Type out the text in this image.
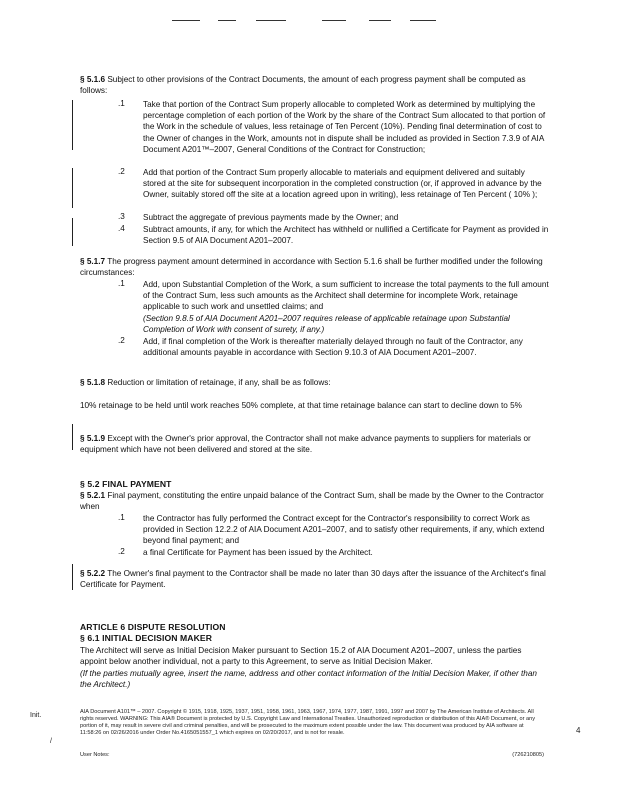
§ 5.1.6 Subject to other provisions of the Contract Documents, the amount of each progress payment shall be computed as follows:
.1 Take that portion of the Contract Sum properly allocable to completed Work as determined by multiplying the percentage completion of each portion of the Work by the share of the Contract Sum allocated to that portion of the Work in the schedule of values, less retainage of Ten Percent (10%). Pending final determination of cost to the Owner of changes in the Work, amounts not in dispute shall be included as provided in Section 7.3.9 of AIA Document A201™–2007, General Conditions of the Contract for Construction;
.2 Add that portion of the Contract Sum properly allocable to materials and equipment delivered and suitably stored at the site for subsequent incorporation in the completed construction (or, if approved in advance by the Owner, suitably stored off the site at a location agreed upon in writing), less retainage of Ten Percent ( 10% );
.3 Subtract the aggregate of previous payments made by the Owner; and
.4 Subtract amounts, if any, for which the Architect has withheld or nullified a Certificate for Payment as provided in Section 9.5 of AIA Document A201–2007.
§ 5.1.7 The progress payment amount determined in accordance with Section 5.1.6 shall be further modified under the following circumstances:
.1 Add, upon Substantial Completion of the Work, a sum sufficient to increase the total payments to the full amount of the Contract Sum, less such amounts as the Architect shall determine for incomplete Work, retainage applicable to such work and unsettled claims; and
(Section 9.8.5 of AIA Document A201–2007 requires release of applicable retainage upon Substantial Completion of Work with consent of surety, if any.)
.2 Add, if final completion of the Work is thereafter materially delayed through no fault of the Contractor, any additional amounts payable in accordance with Section 9.10.3 of AIA Document A201–2007.
§ 5.1.8 Reduction or limitation of retainage, if any, shall be as follows:
10% retainage to be held until work reaches 50% complete, at that time retainage balance can start to decline down to 5%
§ 5.1.9 Except with the Owner's prior approval, the Contractor shall not make advance payments to suppliers for materials or equipment which have not been delivered and stored at the site.
§ 5.2 FINAL PAYMENT
§ 5.2.1 Final payment, constituting the entire unpaid balance of the Contract Sum, shall be made by the Owner to the Contractor when
.1 the Contractor has fully performed the Contract except for the Contractor's responsibility to correct Work as provided in Section 12.2.2 of AIA Document A201–2007, and to satisfy other requirements, if any, which extend beyond final payment; and
.2 a final Certificate for Payment has been issued by the Architect.
§ 5.2.2 The Owner's final payment to the Contractor shall be made no later than 30 days after the issuance of the Architect's final Certificate for Payment.
ARTICLE 6 DISPUTE RESOLUTION
§ 6.1 INITIAL DECISION MAKER
The Architect will serve as Initial Decision Maker pursuant to Section 15.2 of AIA Document A201–2007, unless the parties appoint below another individual, not a party to this Agreement, to serve as Initial Decision Maker.
(If the parties mutually agree, insert the name, address and other contact information of the Initial Decision Maker, if other than the Architect.)
Init.
/
4
AIA Document A101™ – 2007. Copyright © 1915, 1918, 1925, 1937, 1951, 1958, 1961, 1963, 1967, 1974, 1977, 1987, 1991, 1997 and 2007 by The American Institute of Architects. All rights reserved. WARNING: This AIA® Document is protected by U.S. Copyright Law and International Treaties. Unauthorized reproduction or distribution of this AIA® Document, or any portion of it, may result in severe civil and criminal penalties, and will be prosecuted to the maximum extent possible under the law. This document was produced by AIA software at 11:58:26 on 02/26/2016 under Order No.4165051557_1 which expires on 02/20/2017, and is not for resale.
User Notes:	(726210805)
